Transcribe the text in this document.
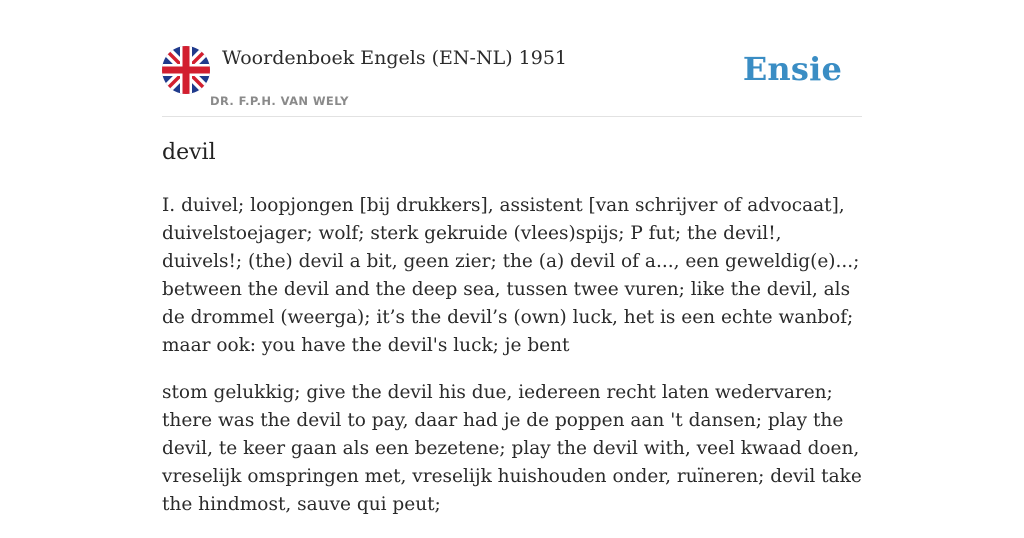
Woordenboek Engels (EN-NL) 1951
DR. F.P.H. VAN WELY
Ensie
devil

I. duivel; loopjongen [bij drukkers], assistent [van schrijver of advocaat], duivelstoejager; wolf; sterk gekruide (vlees)spijs; P fut; the devil!, duivels!; (the) devil a bit, geen zier; the (a) devil of a..., een geweldig(e)...; between the devil and the deep sea, tussen twee vuren; like the devil, als de drommel (weerga); it’s the devil’s (own) luck, het is een echte wanbof; maar ook: you have the devil's luck; je bent

stom gelukkig; give the devil his due, iedereen recht laten wedervaren; there was the devil to pay, daar had je de poppen aan 't dansen; play the devil, te keer gaan als een bezetene; play the devil with, veel kwaad doen, vreselijk omspringen met, vreselijk huishouden onder, ruïneren; devil take the hindmost, sauve qui peut;
